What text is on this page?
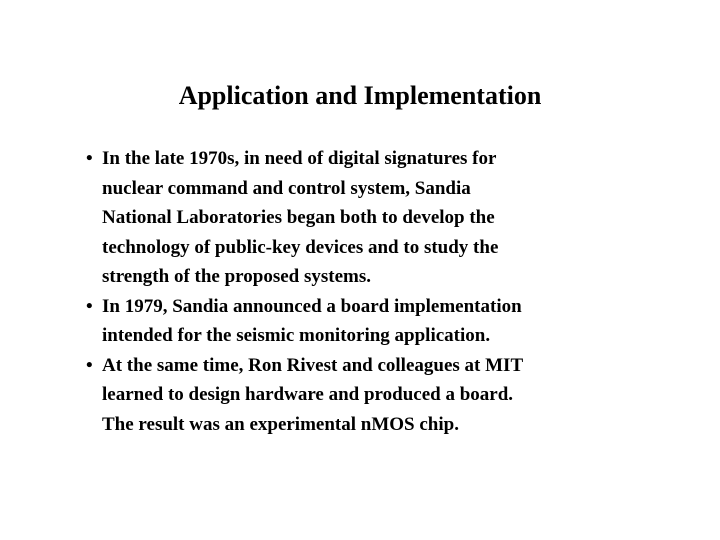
Application and Implementation
• In the late 1970s, in need of digital signatures for
nuclear command and control system, Sandia
National Laboratories began both to develop the
technology of public-key devices and to study the
strength of the proposed systems.
• In 1979, Sandia announced a board implementation
intended for the seismic monitoring application.
• At the same time, Ron Rivest and colleagues at MIT
learned to design hardware and produced a board.
The result was an experimental nMOS chip.
